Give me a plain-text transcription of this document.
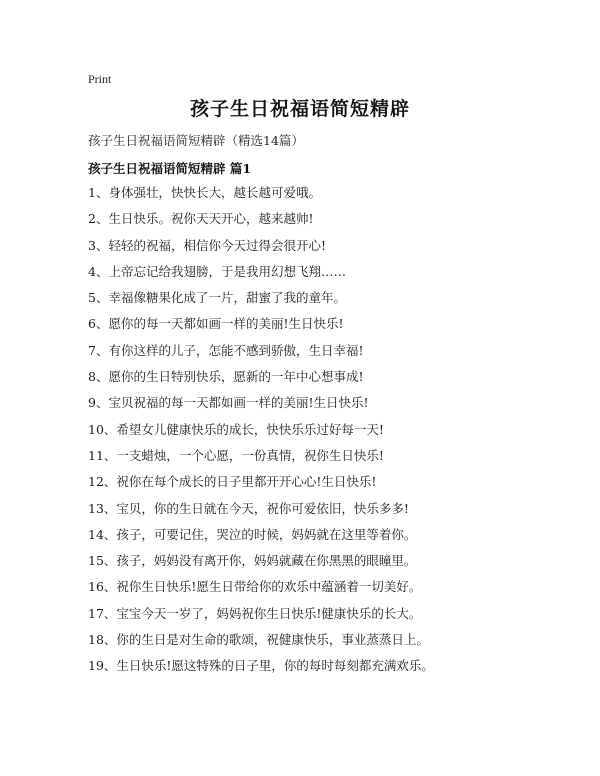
Print
孩子生日祝福语简短精辟
孩子生日祝福语简短精辟（精选14篇）
孩子生日祝福语简短精辟 篇1
1、身体强壮，快快长大，越长越可爱哦。
2、生日快乐。祝你天天开心，越来越帅!
3、轻轻的祝福，相信你今天过得会很开心!
4、上帝忘记给我翅膀，于是我用幻想飞翔……
5、幸福像糖果化成了一片，甜蜜了我的童年。
6、愿你的每一天都如画一样的美丽!生日快乐!
7、有你这样的儿子，怎能不感到骄傲，生日幸福!
8、愿你的生日特别快乐，愿新的一年中心想事成!
9、宝贝祝福的每一天都如画一样的美丽!生日快乐!
10、希望女儿健康快乐的成长，快快乐乐过好每一天!
11、一支蜡烛，一个心愿，一份真情，祝你生日快乐!
12、祝你在每个成长的日子里都开开心心!生日快乐!
13、宝贝，你的生日就在今天，祝你可爱依旧，快乐多多!
14、孩子，可要记住，哭泣的时候，妈妈就在这里等着你。
15、孩子，妈妈没有离开你，妈妈就藏在你黑黑的眼瞳里。
16、祝你生日快乐!愿生日带给你的欢乐中蕴涵着一切美好。
17、宝宝今天一岁了，妈妈祝你生日快乐!健康快乐的长大。
18、你的生日是对生命的歌颂，祝健康快乐，事业蒸蒸日上。
19、生日快乐!愿这特殊的日子里，你的每时每刻都充满欢乐。
